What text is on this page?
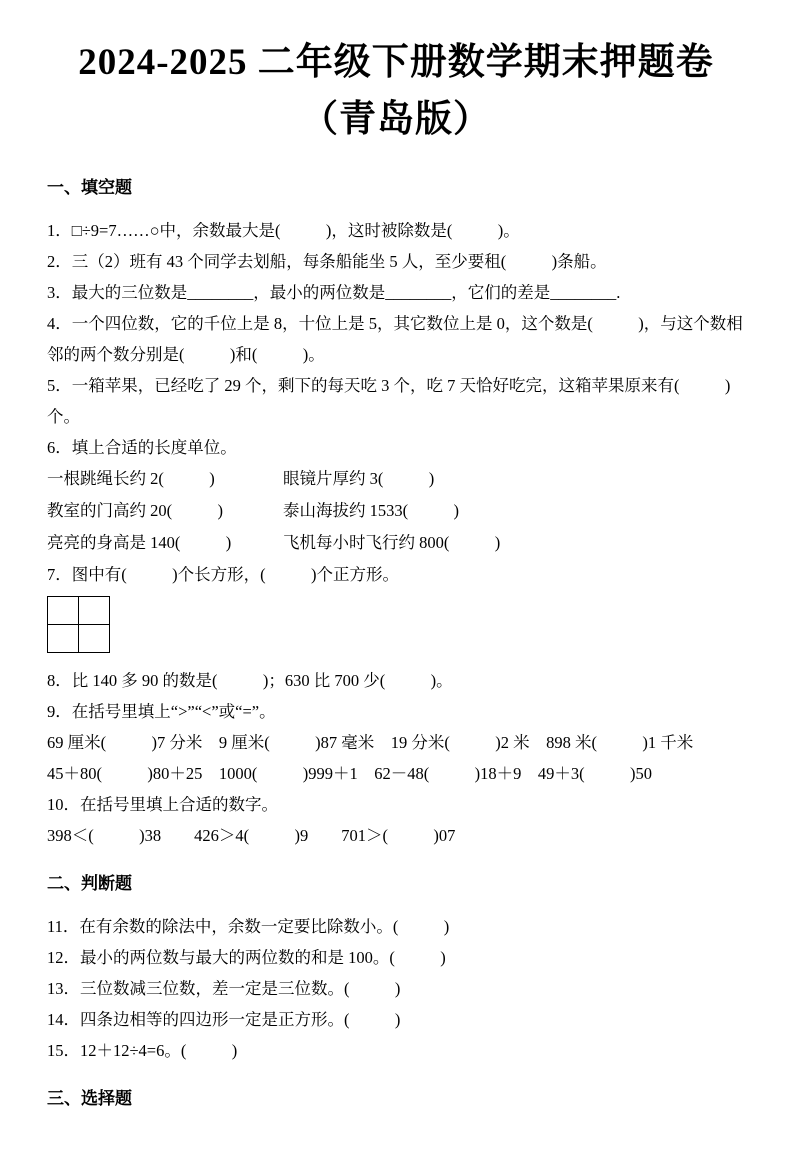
2024-2025 二年级下册数学期末押题卷
（青岛版）
一、填空题

1．□÷9=7……○中，余数最大是(           )，这时被除数是(           )。

2．三（2）班有 43 个同学去划船，每条船能坐 5 人，至少要租(           )条船。

3．最大的三位数是________，最小的两位数是________，它们的差是________.

4．一个四位数，它的千位上是 8，十位上是 5，其它数位上是 0，这个数是(           )，与这个数相邻的两个数分别是(           )和(           )。

5．一箱苹果，已经吃了 29 个，剩下的每天吃 3 个，吃 7 天恰好吃完，这箱苹果原来有(           )个。

6．填上合适的长度单位。

一根跳绳长约 2(           )	眼镜片厚约 3(           )
教室的门高约 20(           )	泰山海拔约 1533(           )
亮亮的身高是 140(           )	飞机每小时飞行约 800(           )

7．图中有(           )个长方形，(           )个正方形。

8．比 140 多 90 的数是(           )；630 比 700 少(           )。

9．在括号里填上“>”“<”或“=”。

69 厘米(           )7 分米　9 厘米(           )87 毫米　19 分米(           )2 米　898 米(           )1 千米

45＋80(           )80＋25　1000(           )999＋1　62－48(           )18＋9　49＋3(           )50

10．在括号里填上合适的数字。

398＜(           )38　　426＞4(           )9　　701＞(           )07

二、判断题

11．在有余数的除法中，余数一定要比除数小。(           )

12．最小的两位数与最大的两位数的和是 100。(           )

13．三位数减三位数，差一定是三位数。(           )

14．四条边相等的四边形一定是正方形。(           )

15．12＋12÷4=6。(           )

三、选择题
